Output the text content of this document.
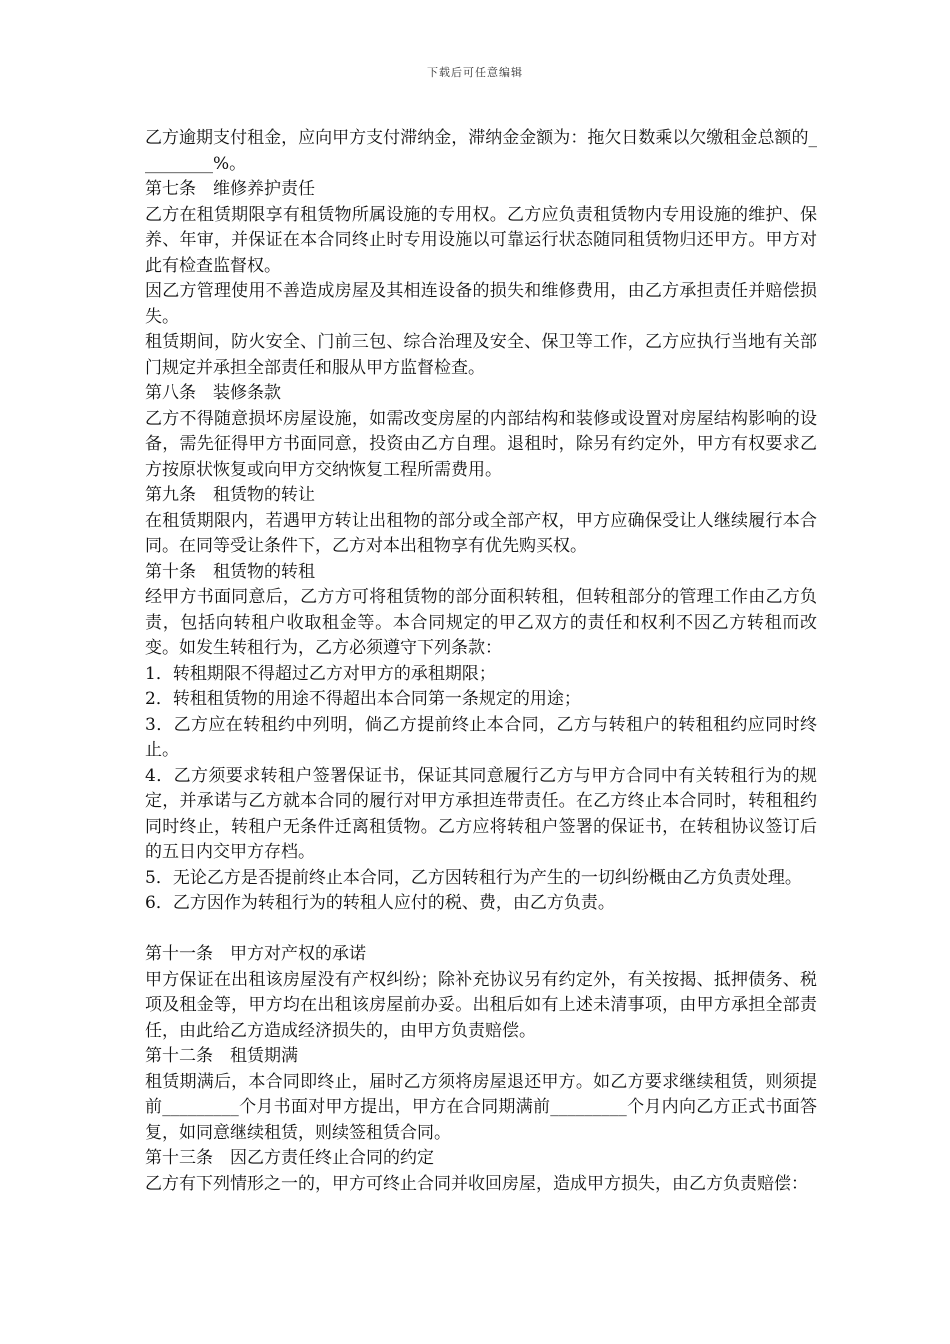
下载后可任意编辑

乙方逾期支付租金，应向甲方支付滞纳金，滞纳金金额为：拖欠日数乘以欠缴租金总额的_________%。

第七条　维修养护责任

乙方在租赁期限享有租赁物所属设施的专用权。乙方应负责租赁物内专用设施的维护、保养、年审，并保证在本合同终止时专用设施以可靠运行状态随同租赁物归还甲方。甲方对此有检查监督权。

因乙方管理使用不善造成房屋及其相连设备的损失和维修费用，由乙方承担责任并赔偿损失。

租赁期间，防火安全、门前三包、综合治理及安全、保卫等工作，乙方应执行当地有关部门规定并承担全部责任和服从甲方监督检查。

第八条　装修条款

乙方不得随意损坏房屋设施，如需改变房屋的内部结构和装修或设置对房屋结构影响的设备，需先征得甲方书面同意，投资由乙方自理。退租时，除另有约定外，甲方有权要求乙方按原状恢复或向甲方交纳恢复工程所需费用。

第九条　租赁物的转让

在租赁期限内，若遇甲方转让出租物的部分或全部产权，甲方应确保受让人继续履行本合同。在同等受让条件下，乙方对本出租物享有优先购买权。

第十条　租赁物的转租

经甲方书面同意后，乙方方可将租赁物的部分面积转租，但转租部分的管理工作由乙方负责，包括向转租户收取租金等。本合同规定的甲乙双方的责任和权利不因乙方转租而改变。如发生转租行为，乙方必须遵守下列条款：

1．转租期限不得超过乙方对甲方的承租期限；

2．转租租赁物的用途不得超出本合同第一条规定的用途；

3．乙方应在转租约中列明，倘乙方提前终止本合同，乙方与转租户的转租租约应同时终止。

4．乙方须要求转租户签署保证书，保证其同意履行乙方与甲方合同中有关转租行为的规定，并承诺与乙方就本合同的履行对甲方承担连带责任。在乙方终止本合同时，转租租约同时终止，转租户无条件迁离租赁物。乙方应将转租户签署的保证书，在转租协议签订后的五日内交甲方存档。

5．无论乙方是否提前终止本合同，乙方因转租行为产生的一切纠纷概由乙方负责处理。

6．乙方因作为转租行为的转租人应付的税、费，由乙方负责。

第十一条　甲方对产权的承诺

甲方保证在出租该房屋没有产权纠纷；除补充协议另有约定外，有关按揭、抵押债务、税项及租金等，甲方均在出租该房屋前办妥。出租后如有上述未清事项，由甲方承担全部责任，由此给乙方造成经济损失的，由甲方负责赔偿。

第十二条　租赁期满

租赁期满后，本合同即终止，届时乙方须将房屋退还甲方。如乙方要求继续租赁，则须提前_________个月书面对甲方提出，甲方在合同期满前_________个月内向乙方正式书面答复，如同意继续租赁，则续签租赁合同。

第十三条　因乙方责任终止合同的约定

乙方有下列情形之一的，甲方可终止合同并收回房屋，造成甲方损失，由乙方负责赔偿：
